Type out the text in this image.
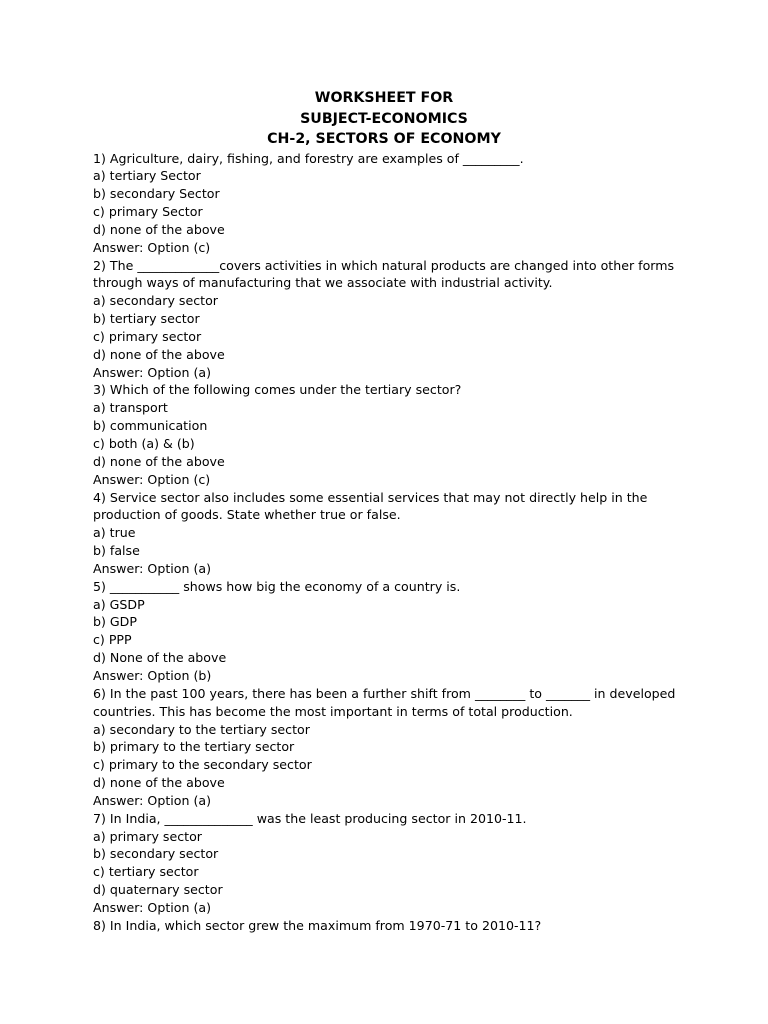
WORKSHEET FOR
SUBJECT-ECONOMICS
CH-2, SECTORS OF ECONOMY
1) Agriculture, dairy, fishing, and forestry are examples of _________.
a) tertiary Sector
b) secondary Sector
c) primary Sector
d) none of the above
Answer: Option (c)
2) The _____________covers activities in which natural products are changed into other forms
through ways of manufacturing that we associate with industrial activity.
a) secondary sector
b) tertiary sector
c) primary sector
d) none of the above
Answer: Option (a)
3) Which of the following comes under the tertiary sector?
a) transport
b) communication
c) both (a) & (b)
d) none of the above
Answer: Option (c)
4) Service sector also includes some essential services that may not directly help in the
production of goods. State whether true or false.
a) true
b) false
Answer: Option (a)
5) ___________ shows how big the economy of a country is.
a) GSDP
b) GDP
c) PPP
d) None of the above
Answer: Option (b)
6) In the past 100 years, there has been a further shift from ________ to _______ in developed
countries. This has become the most important in terms of total production.
a) secondary to the tertiary sector
b) primary to the tertiary sector
c) primary to the secondary sector
d) none of the above
Answer: Option (a)
7) In India, ______________ was the least producing sector in 2010-11.
a) primary sector
b) secondary sector
c) tertiary sector
d) quaternary sector
Answer: Option (a)
8) In India, which sector grew the maximum from 1970-71 to 2010-11?
